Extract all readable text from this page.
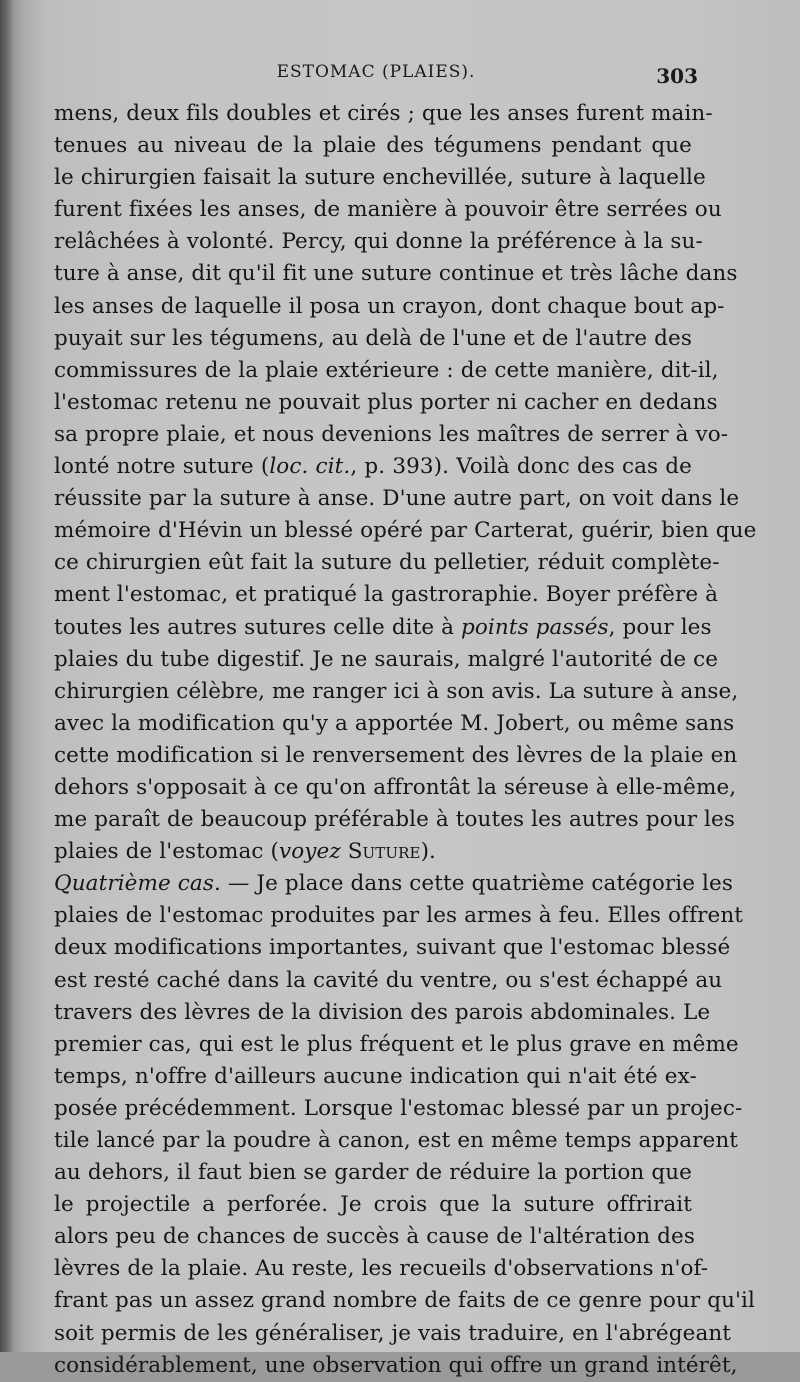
ESTOMAC (PLAIES).	303
mens, deux fils doubles et cirés ; que les anses furent main-
tenues au niveau de la plaie des tégumens pendant que
le chirurgien faisait la suture enchevillée, suture à laquelle
furent fixées les anses, de manière à pouvoir être serrées ou
relâchées à volonté. Percy, qui donne la préférence à la su-
ture à anse, dit qu'il fit une suture continue et très lâche dans
les anses de laquelle il posa un crayon, dont chaque bout ap-
puyait sur les tégumens, au delà de l'une et de l'autre des
commissures de la plaie extérieure : de cette manière, dit-il,
l'estomac retenu ne pouvait plus porter ni cacher en dedans
sa propre plaie, et nous devenions les maîtres de serrer à vo-
lonté notre suture (loc. cit., p. 393). Voilà donc des cas de
réussite par la suture à anse. D'une autre part, on voit dans le
mémoire d'Hévin un blessé opéré par Carterat, guérir, bien que
ce chirurgien eût fait la suture du pelletier, réduit complète-
ment l'estomac, et pratiqué la gastroraphie. Boyer préfère à
toutes les autres sutures celle dite à points passés, pour les
plaies du tube digestif. Je ne saurais, malgré l'autorité de ce
chirurgien célèbre, me ranger ici à son avis. La suture à anse,
avec la modification qu'y a apportée M. Jobert, ou même sans
cette modification si le renversement des lèvres de la plaie en
dehors s'opposait à ce qu'on affrontât la séreuse à elle-même,
me paraît de beaucoup préférable à toutes les autres pour les
plaies de l'estomac (voyez Suture).
Quatrième cas. — Je place dans cette quatrième catégorie les
plaies de l'estomac produites par les armes à feu. Elles offrent
deux modifications importantes, suivant que l'estomac blessé
est resté caché dans la cavité du ventre, ou s'est échappé au
travers des lèvres de la division des parois abdominales. Le
premier cas, qui est le plus fréquent et le plus grave en même
temps, n'offre d'ailleurs aucune indication qui n'ait été ex-
posée précédemment. Lorsque l'estomac blessé par un projec-
tile lancé par la poudre à canon, est en même temps apparent
au dehors, il faut bien se garder de réduire la portion que
le projectile a perforée. Je crois que la suture offrirait
alors peu de chances de succès à cause de l'altération des
lèvres de la plaie. Au reste, les recueils d'observations n'of-
frant pas un assez grand nombre de faits de ce genre pour qu'il
soit permis de les généraliser, je vais traduire, en l'abrégeant
considérablement, une observation qui offre un grand intérêt,
